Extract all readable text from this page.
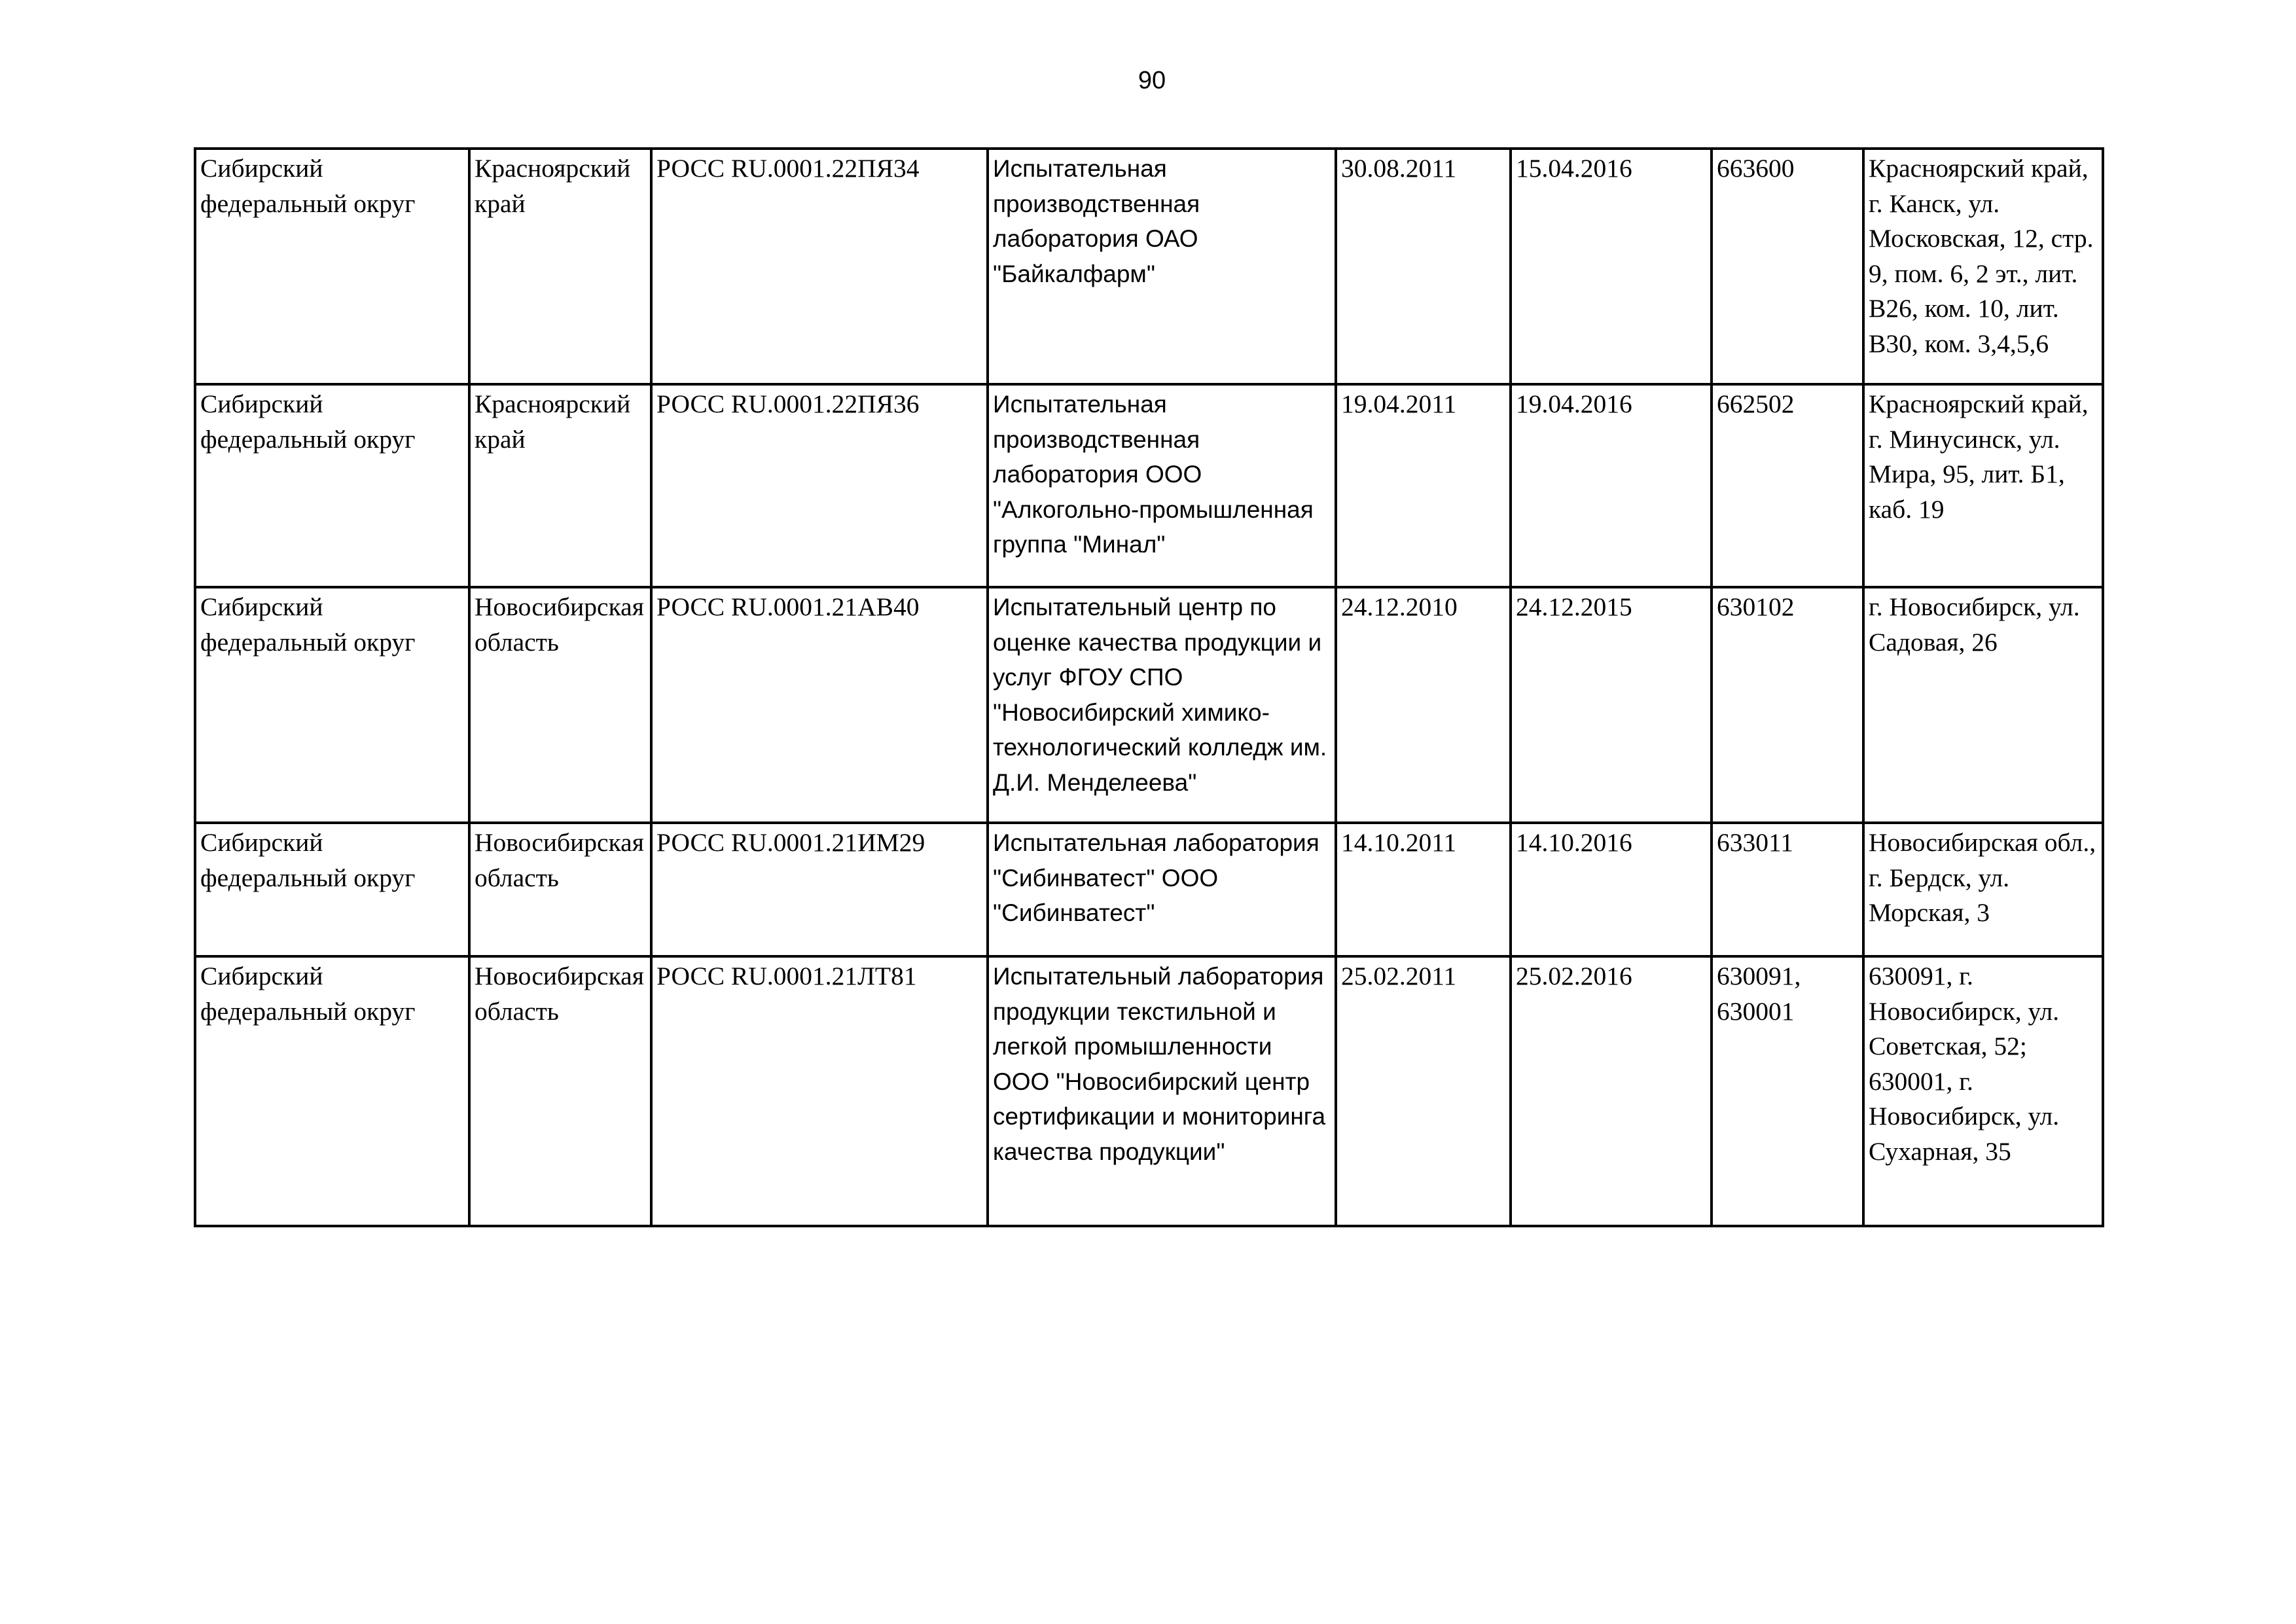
90
Сибирский федеральный округ	Красноярский край	РОСС RU.0001.22ПЯ34	Испытательная производственная лаборатория ОАО "Байкалфарм"	30.08.2011	15.04.2016	663600	Красноярский край, г. Канск, ул. Московская, 12, стр. 9, пом. 6, 2 эт., лит. В26, ком. 10, лит. В30, ком. 3,4,5,6

Сибирский федеральный округ	Красноярский край	РОСС RU.0001.22ПЯ36	Испытательная производственная лаборатория ООО "Алкогольно-промышленная группа "Минал"	19.04.2011	19.04.2016	662502	Красноярский край, г. Минусинск, ул. Мира, 95, лит. Б1, каб. 19

Сибирский федеральный округ	Новосибирская область	РОСС RU.0001.21АВ40	Испытательный центр по оценке качества продукции и услуг ФГОУ СПО "Новосибирский химико-технологический колледж им. Д.И. Менделеева"	24.12.2010	24.12.2015	630102	г. Новосибирск, ул. Садовая, 26

Сибирский федеральный округ	Новосибирская область	РОСС RU.0001.21ИМ29	Испытательная лаборатория "Сибинватест" ООО "Сибинватест"	14.10.2011	14.10.2016	633011	Новосибирская обл., г. Бердск, ул. Морская, 3

Сибирский федеральный округ	Новосибирская область	РОСС RU.0001.21ЛТ81	Испытательный лаборатория продукции текстильной и легкой промышленности ООО "Новосибирский центр сертификации и мониторинга качества продукции"	25.02.2011	25.02.2016	630091, 630001	630091, г. Новосибирск, ул. Советская, 52; 630001, г. Новосибирск, ул. Сухарная, 35
